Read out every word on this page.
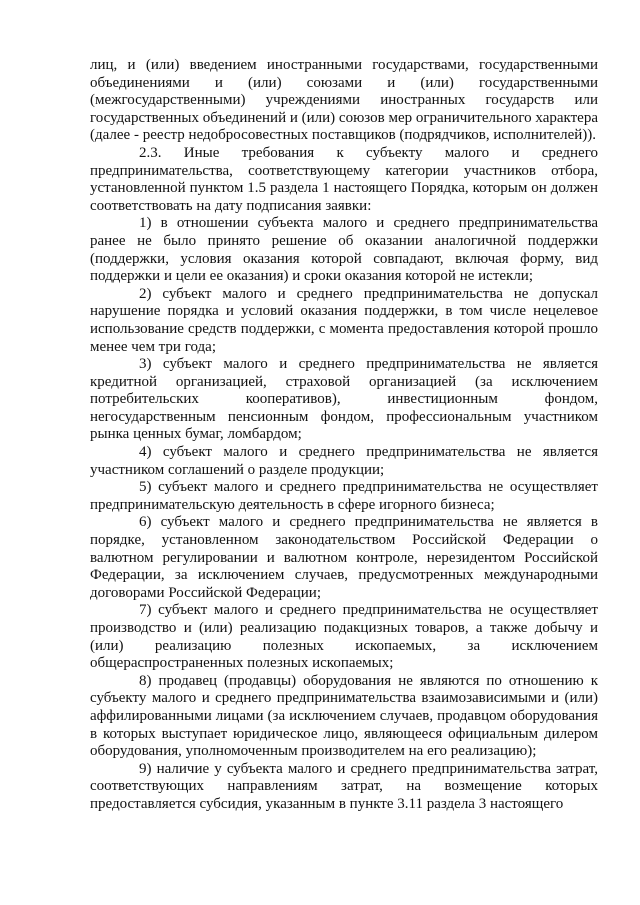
лиц, и (или) введением иностранными государствами, государственными объединениями и (или) союзами и (или) государственными (межгосударственными) учреждениями иностранных государств или государственных объединений и (или) союзов мер ограничительного характера (далее - реестр недобросовестных поставщиков (подрядчиков, исполнителей)).

2.3. Иные требования к субъекту малого и среднего предпринимательства, соответствующему категории участников отбора, установленной пунктом 1.5 раздела 1 настоящего Порядка, которым он должен соответствовать на дату подписания заявки:

1) в отношении субъекта малого и среднего предпринимательства ранее не было принято решение об оказании аналогичной поддержки (поддержки, условия оказания которой совпадают, включая форму, вид поддержки и цели ее оказания) и сроки оказания которой не истекли;

2) субъект малого и среднего предпринимательства не допускал нарушение порядка и условий оказания поддержки, в том числе нецелевое использование средств поддержки, с момента предоставления которой прошло менее чем три года;

3) субъект малого и среднего предпринимательства не является кредитной организацией, страховой организацией (за исключением потребительских кооперативов), инвестиционным фондом, негосударственным пенсионным фондом, профессиональным участником рынка ценных бумаг, ломбардом;

4) субъект малого и среднего предпринимательства не является участником соглашений о разделе продукции;

5) субъект малого и среднего предпринимательства не осуществляет предпринимательскую деятельность в сфере игорного бизнеса;

6) субъект малого и среднего предпринимательства не является в порядке, установленном законодательством Российской Федерации о валютном регулировании и валютном контроле, нерезидентом Российской Федерации, за исключением случаев, предусмотренных международными договорами Российской Федерации;

7) субъект малого и среднего предпринимательства не осуществляет производство и (или) реализацию подакцизных товаров, а также добычу и (или) реализацию полезных ископаемых, за исключением общераспространенных полезных ископаемых;

8) продавец (продавцы) оборудования не являются по отношению к субъекту малого и среднего предпринимательства взаимозависимыми и (или) аффилированными лицами (за исключением случаев, продавцом оборудования в которых выступает юридическое лицо, являющееся официальным дилером оборудования, уполномоченным производителем на его реализацию);

9) наличие у субъекта малого и среднего предпринимательства затрат, соответствующих направлениям затрат, на возмещение которых предоставляется субсидия, указанным в пункте 3.11 раздела 3 настоящего
